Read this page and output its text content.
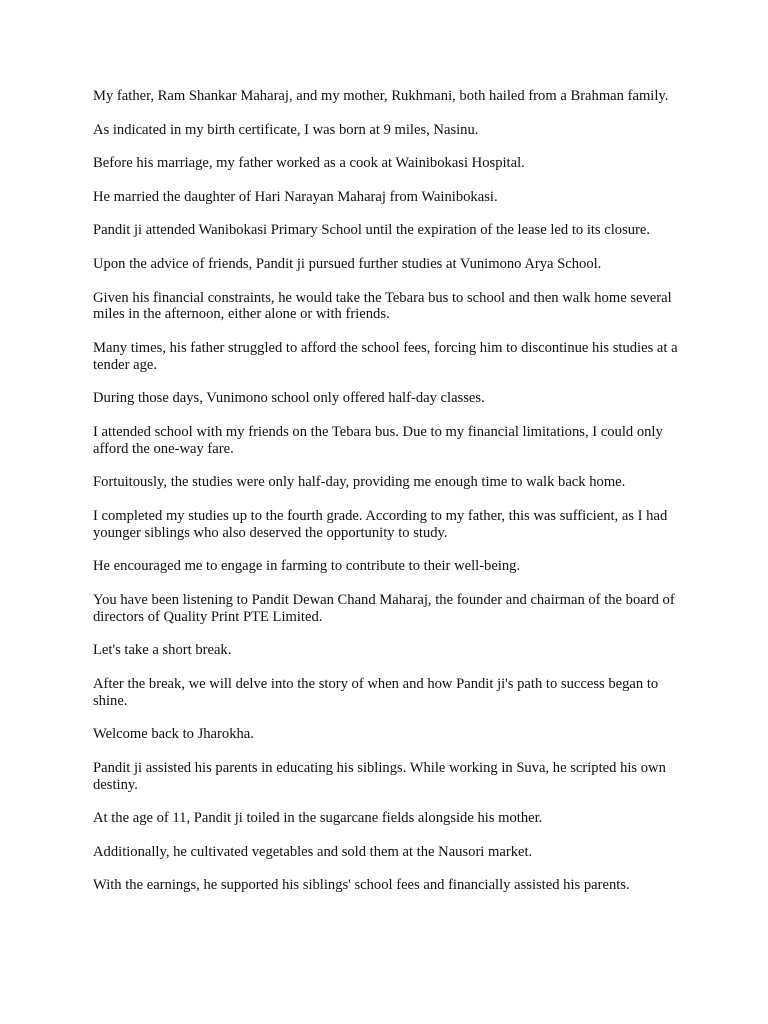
My father, Ram Shankar Maharaj, and my mother, Rukhmani, both hailed from a Brahman family.

As indicated in my birth certificate, I was born at 9 miles, Nasinu.

Before his marriage, my father worked as a cook at Wainibokasi Hospital.

He married the daughter of Hari Narayan Maharaj from Wainibokasi.

Pandit ji attended Wanibokasi Primary School until the expiration of the lease led to its closure.

Upon the advice of friends, Pandit ji pursued further studies at Vunimono Arya School.

Given his financial constraints, he would take the Tebara bus to school and then walk home several miles in the afternoon, either alone or with friends.

Many times, his father struggled to afford the school fees, forcing him to discontinue his studies at a tender age.

During those days, Vunimono school only offered half-day classes.

I attended school with my friends on the Tebara bus. Due to my financial limitations, I could only afford the one-way fare.

Fortuitously, the studies were only half-day, providing me enough time to walk back home.

I completed my studies up to the fourth grade. According to my father, this was sufficient, as I had younger siblings who also deserved the opportunity to study.

He encouraged me to engage in farming to contribute to their well-being.

You have been listening to Pandit Dewan Chand Maharaj, the founder and chairman of the board of directors of Quality Print PTE Limited.

Let's take a short break.

After the break, we will delve into the story of when and how Pandit ji's path to success began to shine.

Welcome back to Jharokha.

Pandit ji assisted his parents in educating his siblings. While working in Suva, he scripted his own destiny.

At the age of 11, Pandit ji toiled in the sugarcane fields alongside his mother.

Additionally, he cultivated vegetables and sold them at the Nausori market.

With the earnings, he supported his siblings' school fees and financially assisted his parents.
